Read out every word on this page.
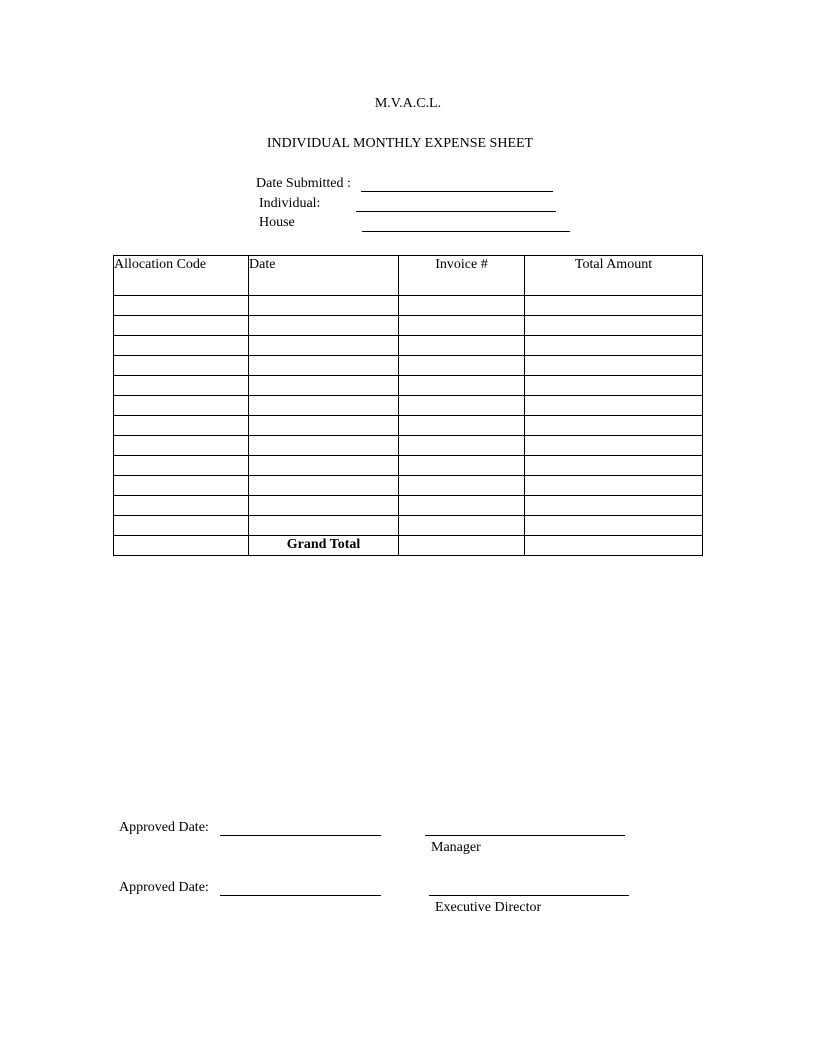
M.V.A.C.L.
INDIVIDUAL MONTHLY EXPENSE SHEET
Date Submitted :
Individual:
House
Allocation Code	Date	Invoice #	Total Amount

	Grand Total		
Approved Date:
Manager
Approved Date:
Executive Director
